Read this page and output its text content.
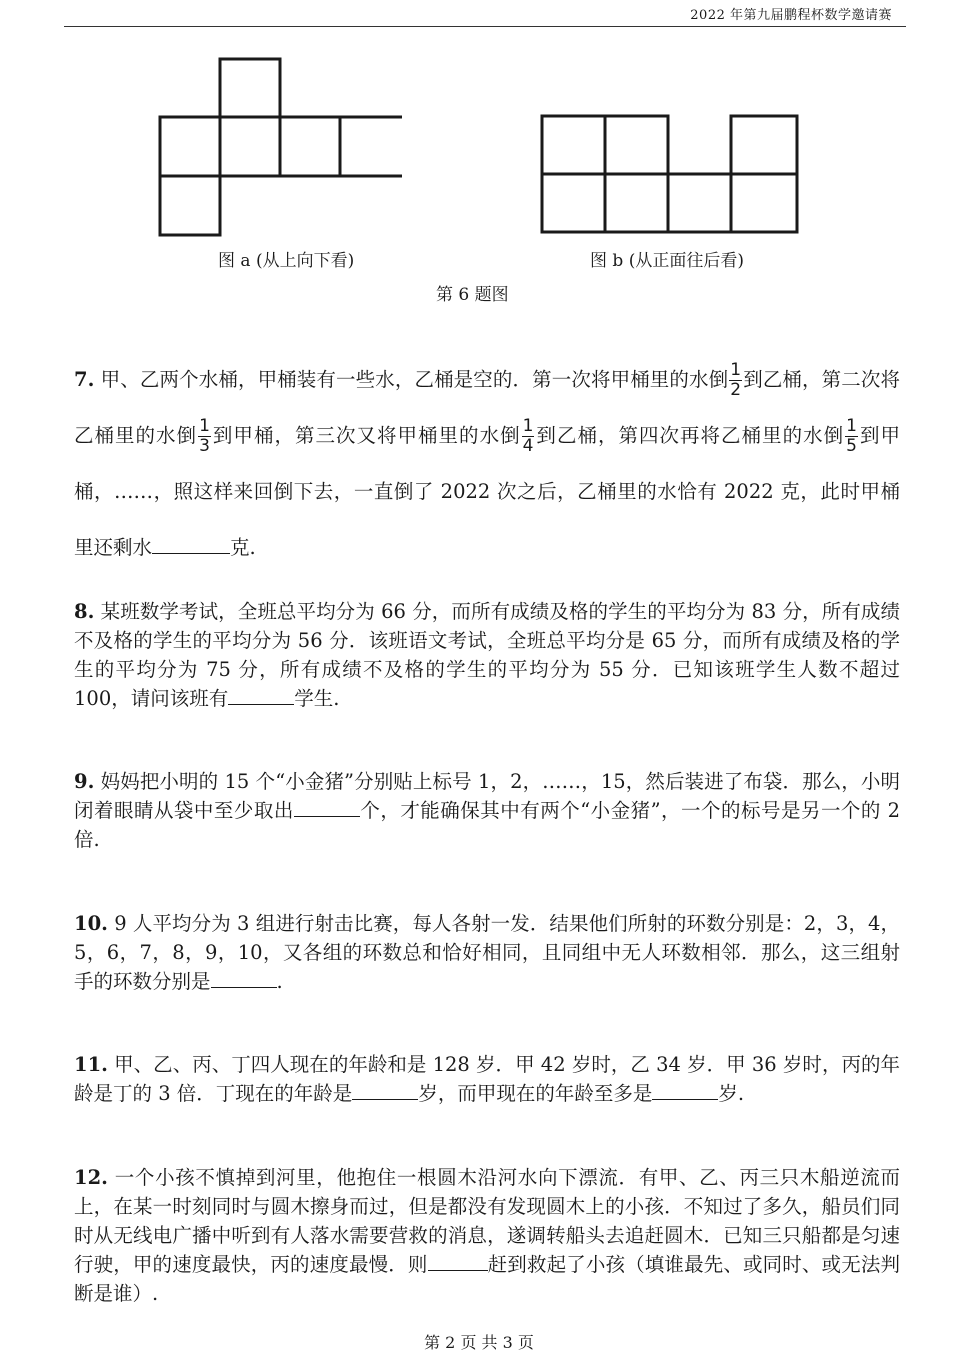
2022 年第九届鹏程杯数学邀请赛
图 a (从上向下看)	图 b (从正面往后看)
第 6 题图
7. 甲、乙两个水桶，甲桶装有一些水，乙桶是空的．第一次将甲桶里的水倒 $\frac{1}{2}$ 到乙桶，第二次将乙桶里的水倒 $\frac{1}{3}$ 到甲桶，第三次又将甲桶里的水倒 $\frac{1}{4}$ 到乙桶，第四次再将乙桶里的水倒 $\frac{1}{5}$ 到甲桶，……，照这样来回倒下去，一直倒了 2022 次之后，乙桶里的水恰有 2022 克，此时甲桶里还剩水	克.
8. 某班数学考试，全班总平均分为 66 分，而所有成绩及格的学生的平均分为 83 分，所有成绩不及格的学生的平均分为 56 分．该班语文考试，全班总平均分是 65 分，而所有成绩及格的学生的平均分为 75 分，所有成绩不及格的学生的平均分为 55 分．已知该班学生人数不超过 100，请问该班有	学生.
9. 妈妈把小明的 15 个“小金猪”分别贴上标号 1，2，……，15，然后装进了布袋．那么，小明闭着眼睛从袋中至少取出	个，才能确保其中有两个“小金猪”，一个的标号是另一个的 2 倍.
10. 9 人平均分为 3 组进行射击比赛，每人各射一发．结果他们所射的环数分别是：2，3，4，5，6，7，8，9，10，又各组的环数总和恰好相同，且同组中无人环数相邻．那么，这三组射手的环数分别是	.
11. 甲、乙、丙、丁四人现在的年龄和是 128 岁．甲 42 岁时，乙 34 岁．甲 36 岁时，丙的年龄是丁的 3 倍．丁现在的年龄是	岁，而甲现在的年龄至多是	岁.
12. 一个小孩不慎掉到河里，他抱住一根圆木沿河水向下漂流．有甲、乙、丙三只木船逆流而上，在某一时刻同时与圆木擦身而过，但是都没有发现圆木上的小孩．不知过了多久，船员们同时从无线电广播中听到有人落水需要营救的消息，遂调转船头去追赶圆木．已知三只船都是匀速行驶，甲的速度最快，丙的速度最慢．则	赶到救起了小孩（填谁最先、或同时、或无法判断是谁）.
第 2 页 共 3 页
